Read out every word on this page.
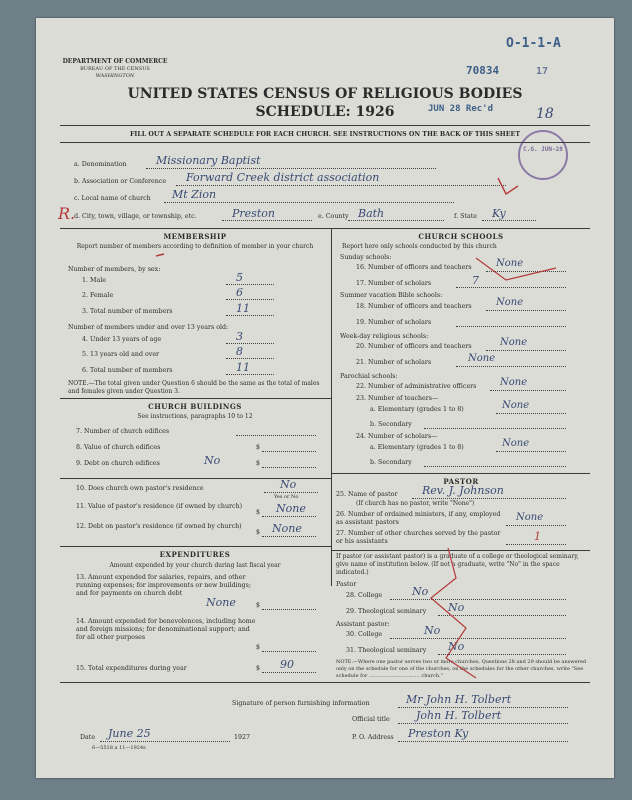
O-1-1-A
70834	17
JUN 28 Rec'd	18
C.G. JUN-28
DEPARTMENT OF COMMERCE
BUREAU OF THE CENSUS
WASHINGTON
UNITED STATES CENSUS OF RELIGIOUS BODIES
SCHEDULE: 1926
FILL OUT A SEPARATE SCHEDULE FOR EACH CHURCH. SEE INSTRUCTIONS ON THE BACK OF THIS SHEET
a. Denomination	Missionary Baptist
b. Association or Conference Forward Creek district association
c. Local name of church Mt Zion
R.
d. City, town, village, or township, etc.	Preston	e. County Bath	f. State Ky
MEMBERSHIP
Report number of members according to definition of member in your church
Number of members, by sex:
1. Male	5
2. Female	6
3. Total number of members	11
Number of members under and over 13 years old:
4. Under 13 years of age	3
5. 13 years old and over	8
6. Total number of members	11
NOTE.—The total given under Question 6 should be the same as the total of males and females given under Question 3.
CHURCH BUILDINGS
See instructions, paragraphs 10 to 12
7. Number of church edifices
8. Value of church edifices	$
9. Debt on church edifices	No	$
10. Does church own pastor's residence	No
Yes or No
11. Value of pastor's residence (if owned by church)
$ None
12. Debt on pastor's residence (if owned by church)
$ None
EXPENDITURES
Amount expended by your church during last fiscal year
13. Amount expended for salaries, repairs, and other running expenses; for improvements or new buildings; and for payments on church debt
None	$
14. Amount expended for benevolences, including home and foreign missions; for denominational support; and for all other purposes
$
15. Total expenditures during year	$ 90
CHURCH SCHOOLS
Report here only schools conducted by this church
Sunday schools:
16. Number of officers and teachers None
17. Number of scholars	7
Summer vacation Bible schools:
18. Number of officers and teachers None
19. Number of scholars
Week-day religious schools:
20. Number of officers and teachers	None
21. Number of scholars	None
Parochial schools:
22. Number of administrative officers None
23. Number of teachers—
a. Elementary (grades 1 to 8)	None
b. Secondary
24. Number of scholars—
a. Elementary (grades 1 to 8)	None
b. Secondary
PASTOR
25. Name of pastor Rev. J. Johnson
(If church has no pastor, write "None")
26. Number of ordained ministers, if any, employed as assistant pastors	None
27. Number of other churches served by the pastor or his assistants	1
If pastor (or assistant pastor) is a graduate of a college or theological seminary, give name of institution below. (If not a graduate, write "No" in the space indicated.)
Pastor
28. College	No
29. Theological seminary No
Assistant pastor:
30. College	No
31. Theological seminary No
NOTE.—Where one pastor serves two or more churches, Questions 28 and 29 should be answered only on the schedule for one of the churches; on the schedules for the other churches, write "See schedule for ................................ church."
Signature of person furnishing information	Mr John H. Tolbert
Official title John H. Tolbert
Date June 25	1927	P. O. Address Preston Ky
6—5518 a 11—1924s
